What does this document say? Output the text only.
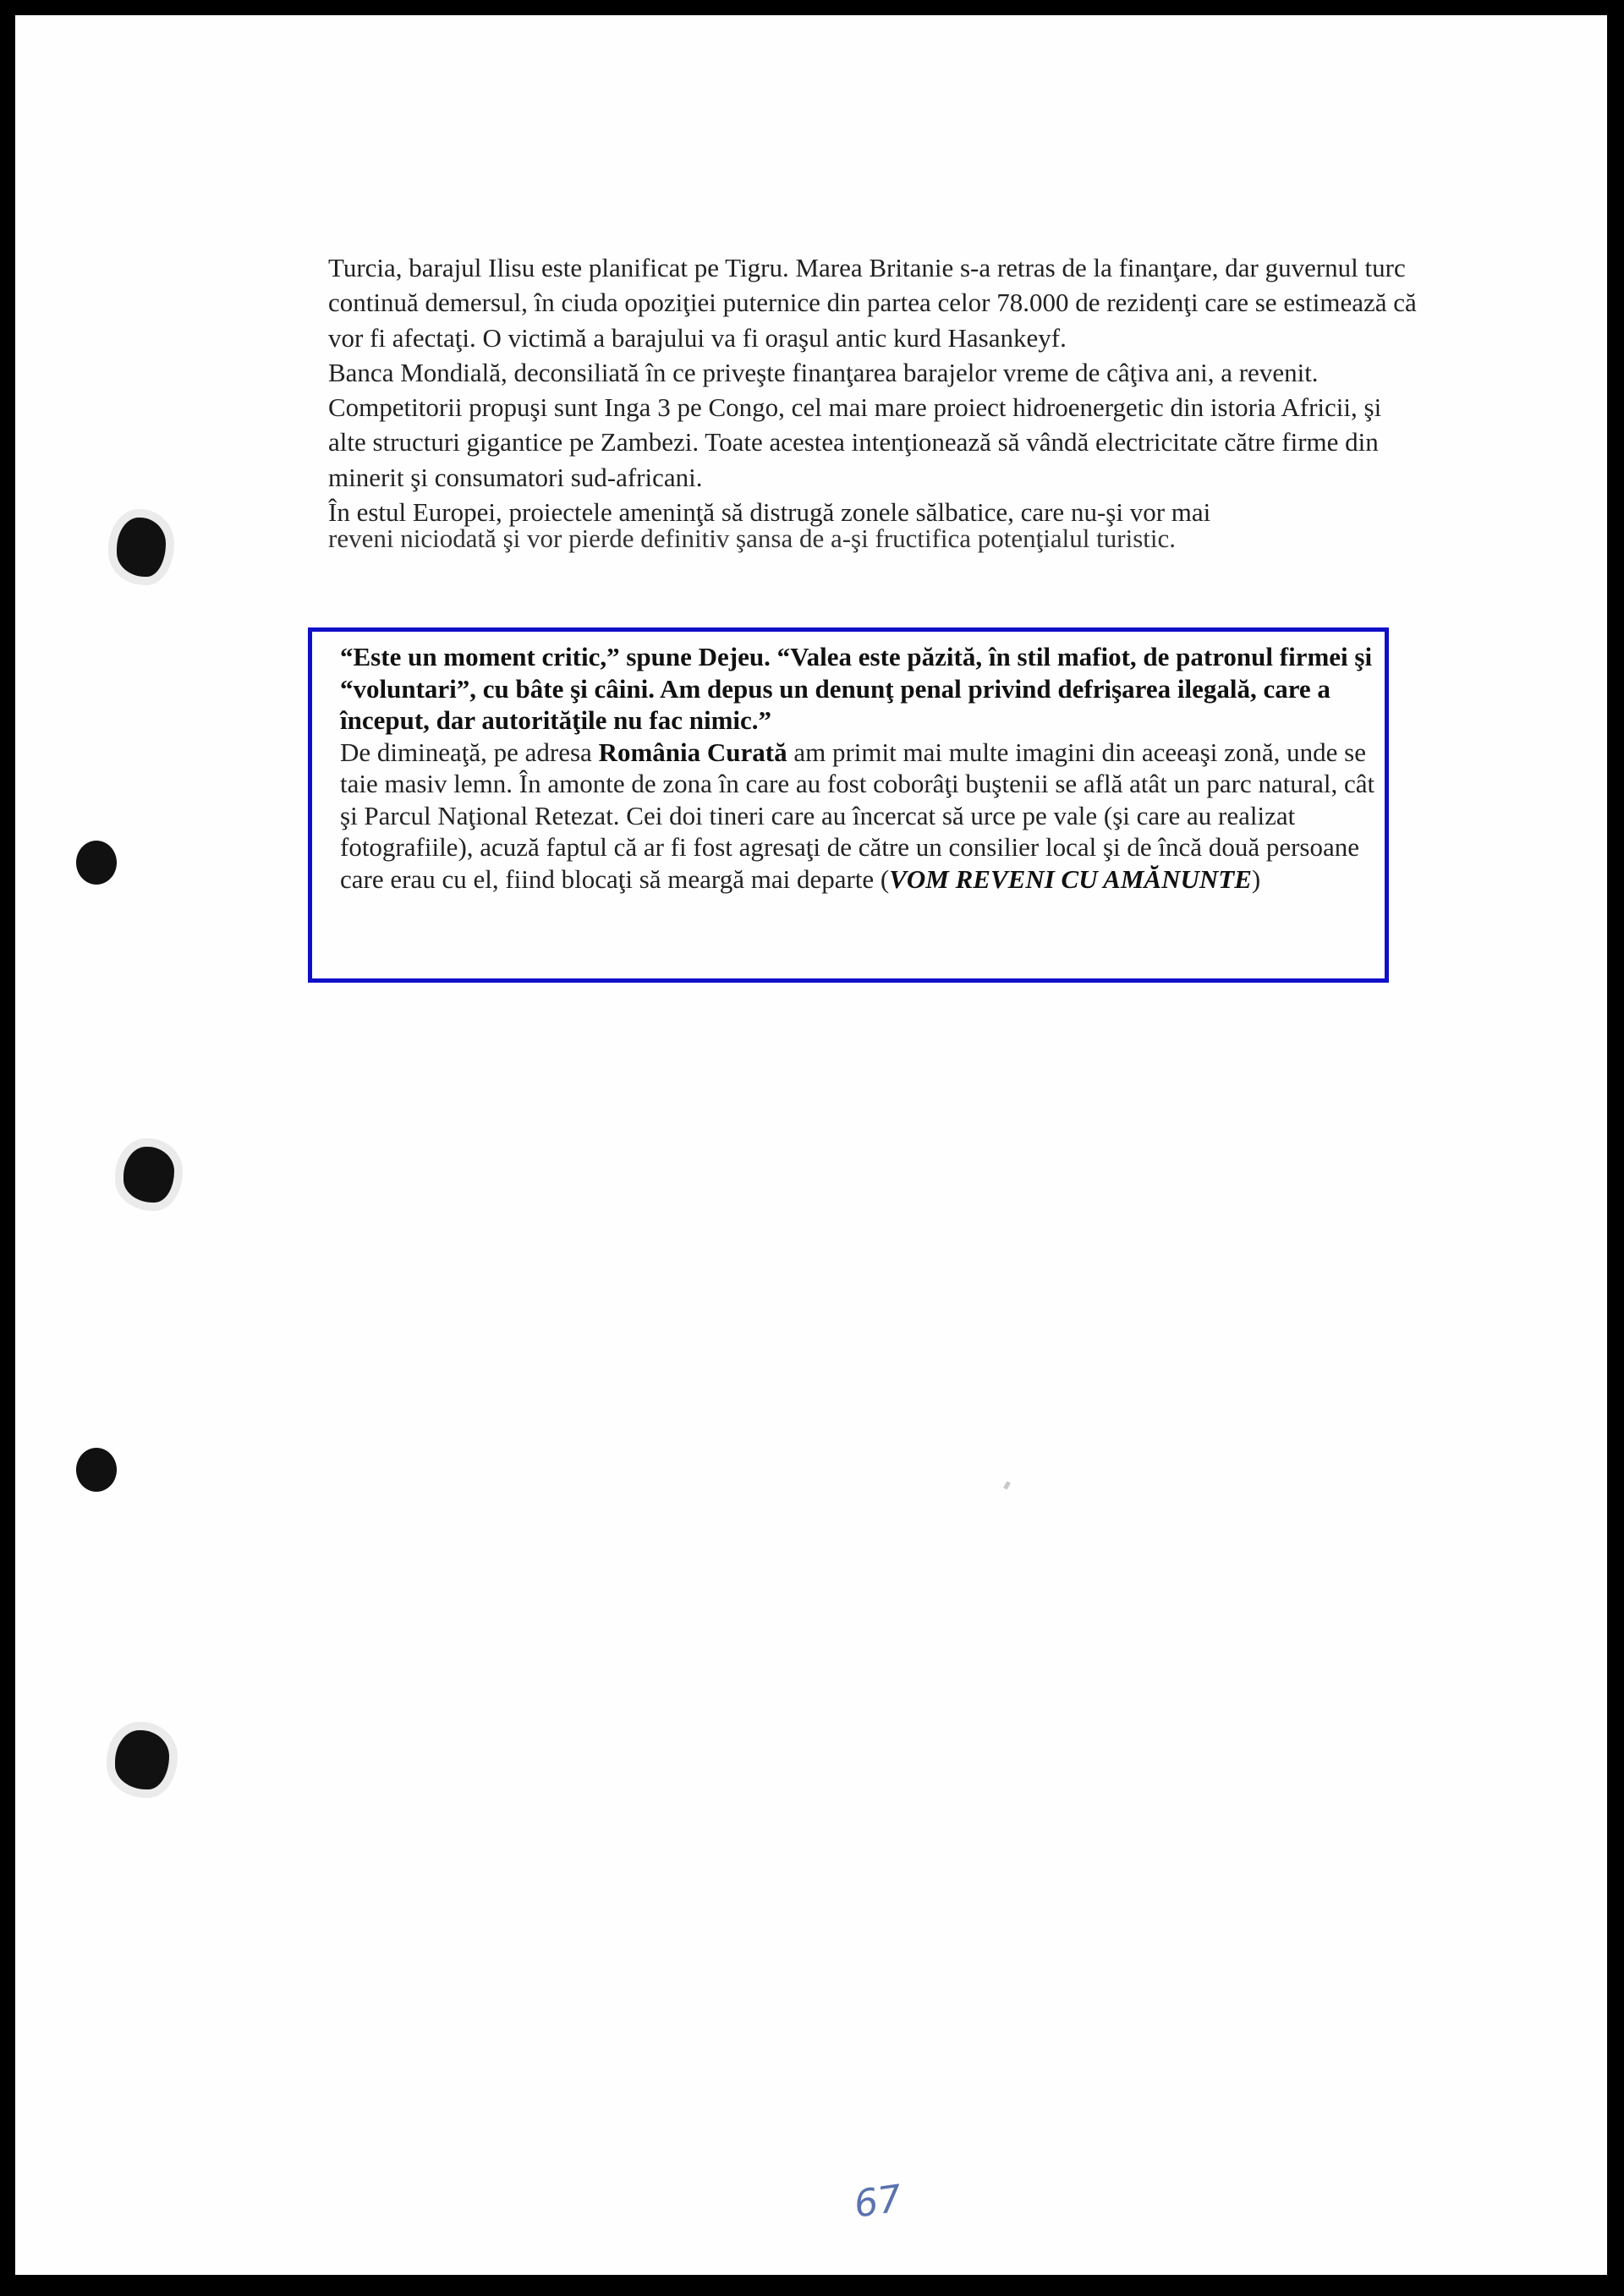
Turcia, barajul Ilisu este planificat pe Tigru. Marea Britanie s-a retras de la finanţare, dar guvernul turc continuă demersul, în ciuda opoziţiei puternice din partea celor 78.000 de rezidenţi care se estimează că vor fi afectaţi. O victimă a barajului va fi oraşul antic kurd Hasankeyf.

Banca Mondială, deconsiliată în ce priveşte finanţarea barajelor vreme de câţiva ani, a revenit. Competitorii propuşi sunt Inga 3 pe Congo, cel mai mare proiect hidroenergetic din istoria Africii, şi alte structuri gigantice pe Zambezi. Toate acestea intenţionează să vândă electricitate către firme din minerit şi consumatori sud-africani.

În estul Europei, proiectele ameninţă să distrugă zonele sălbatice, care nu-şi vor mai

reveni niciodată şi vor pierde definitiv şansa de a-şi fructifica potenţialul turistic.

“Este un moment critic,” spune Dejeu. “Valea este păzită, în stil mafiot, de patronul firmei şi “voluntari”, cu bâte şi câini. Am depus un denunţ penal privind defrişarea ilegală, care a început, dar autorităţile nu fac nimic.”

De dimineaţă, pe adresa România Curată am primit mai multe imagini din aceeaşi zonă, unde se taie masiv lemn. În amonte de zona în care au fost coborâţi buştenii se află atât un parc natural, cât şi Parcul Naţional Retezat. Cei doi tineri care au încercat să urce pe vale (şi care au realizat fotografiile), acuză faptul că ar fi fost agresaţi de către un consilier local şi de încă două persoane care erau cu el, fiind blocaţi să meargă mai departe (VOM REVENI CU AMĂNUNTE)

67
